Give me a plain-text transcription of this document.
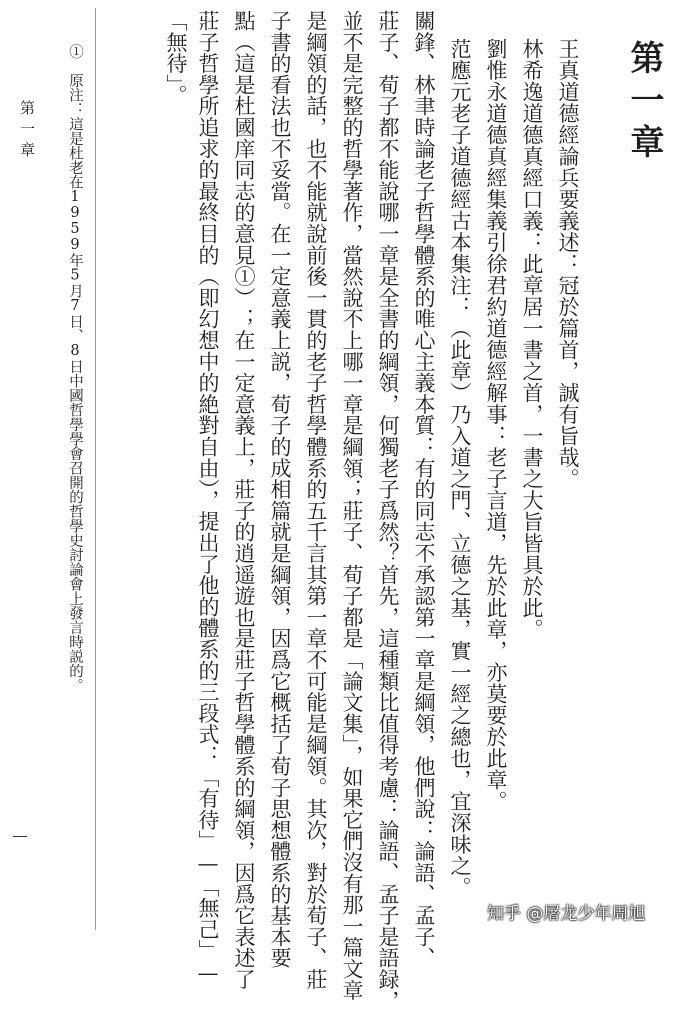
第一章
王真道德經論兵要義述：冠於篇首，誠有旨哉。
林希逸道德真經口義：此章居一書之首，一書之大旨皆具於此。
劉惟永道德真經集義引徐君約道德經解事：老子言道，先於此章，亦莫要於此章。
范應元老子道德經古本集注：（此章）乃入道之門、立德之基，實一經之總也，宜深味之。
關鋒、林聿時論老子哲學體系的唯心主義本質：有的同志不承認第一章是綱領，他們說：論語、孟子、
莊子、荀子都不能說哪一章是全書的綱領，何獨老子爲然？首先，這種類比值得考慮：論語、孟子是語録，
並不是完整的哲學著作，當然說不上哪一章是綱領；莊子、荀子都是「論文集」，如果它們沒有那一篇文章
是綱領的話，也不能就說前後一貫的老子哲學體系的五千言其第一章不可能是綱領。其次，對於荀子、莊
子書的看法也不妥當。在一定意義上説，荀子的成相篇就是綱領，因爲它概括了荀子思想體系的基本要
點（這是杜國庠同志的意見①）；在一定意義上，莊子的逍遥遊也是莊子哲學體系的綱領，因爲它表述了
莊子哲學所追求的最終目的（即幻想中的絶對自由），提出了他的體系的三段式：「有待」—「無己」—
「無待」。
①　原注：這是杜老在1959年5月7日、8日中國哲學學會召開的哲學史討論會上發言時説的。
第一章
知乎 @屠龙少年周旭
